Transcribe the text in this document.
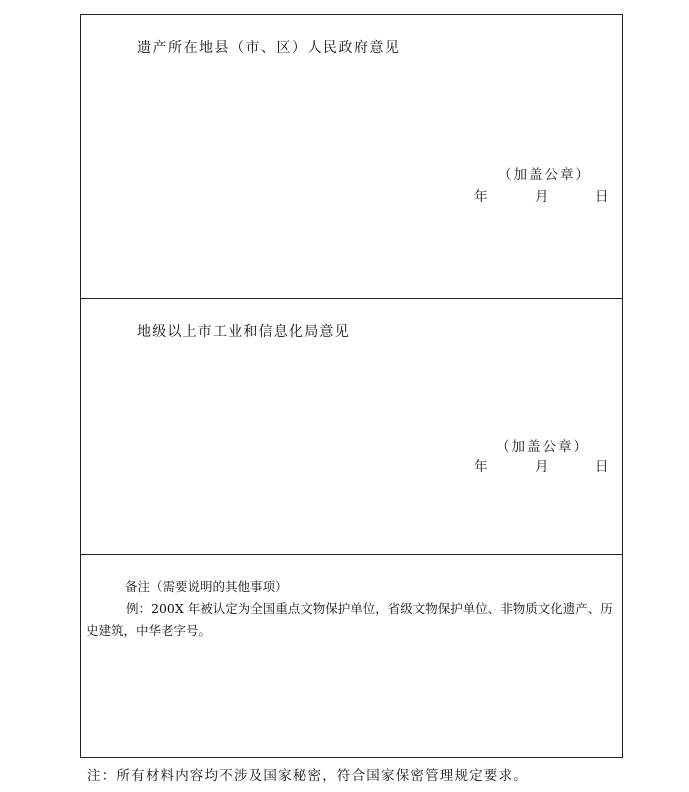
遗产所在地县（市、区）人民政府意见
（加盖公章）
年	月	日
地级以上市工业和信息化局意见
（加盖公章）
年	月	日
备注（需要说明的其他事项）
例：200X 年被认定为全国重点文物保护单位，省级文物保护单位、非物质文化遗产、历史建筑，中华老字号。
注：所有材料内容均不涉及国家秘密，符合国家保密管理规定要求。
